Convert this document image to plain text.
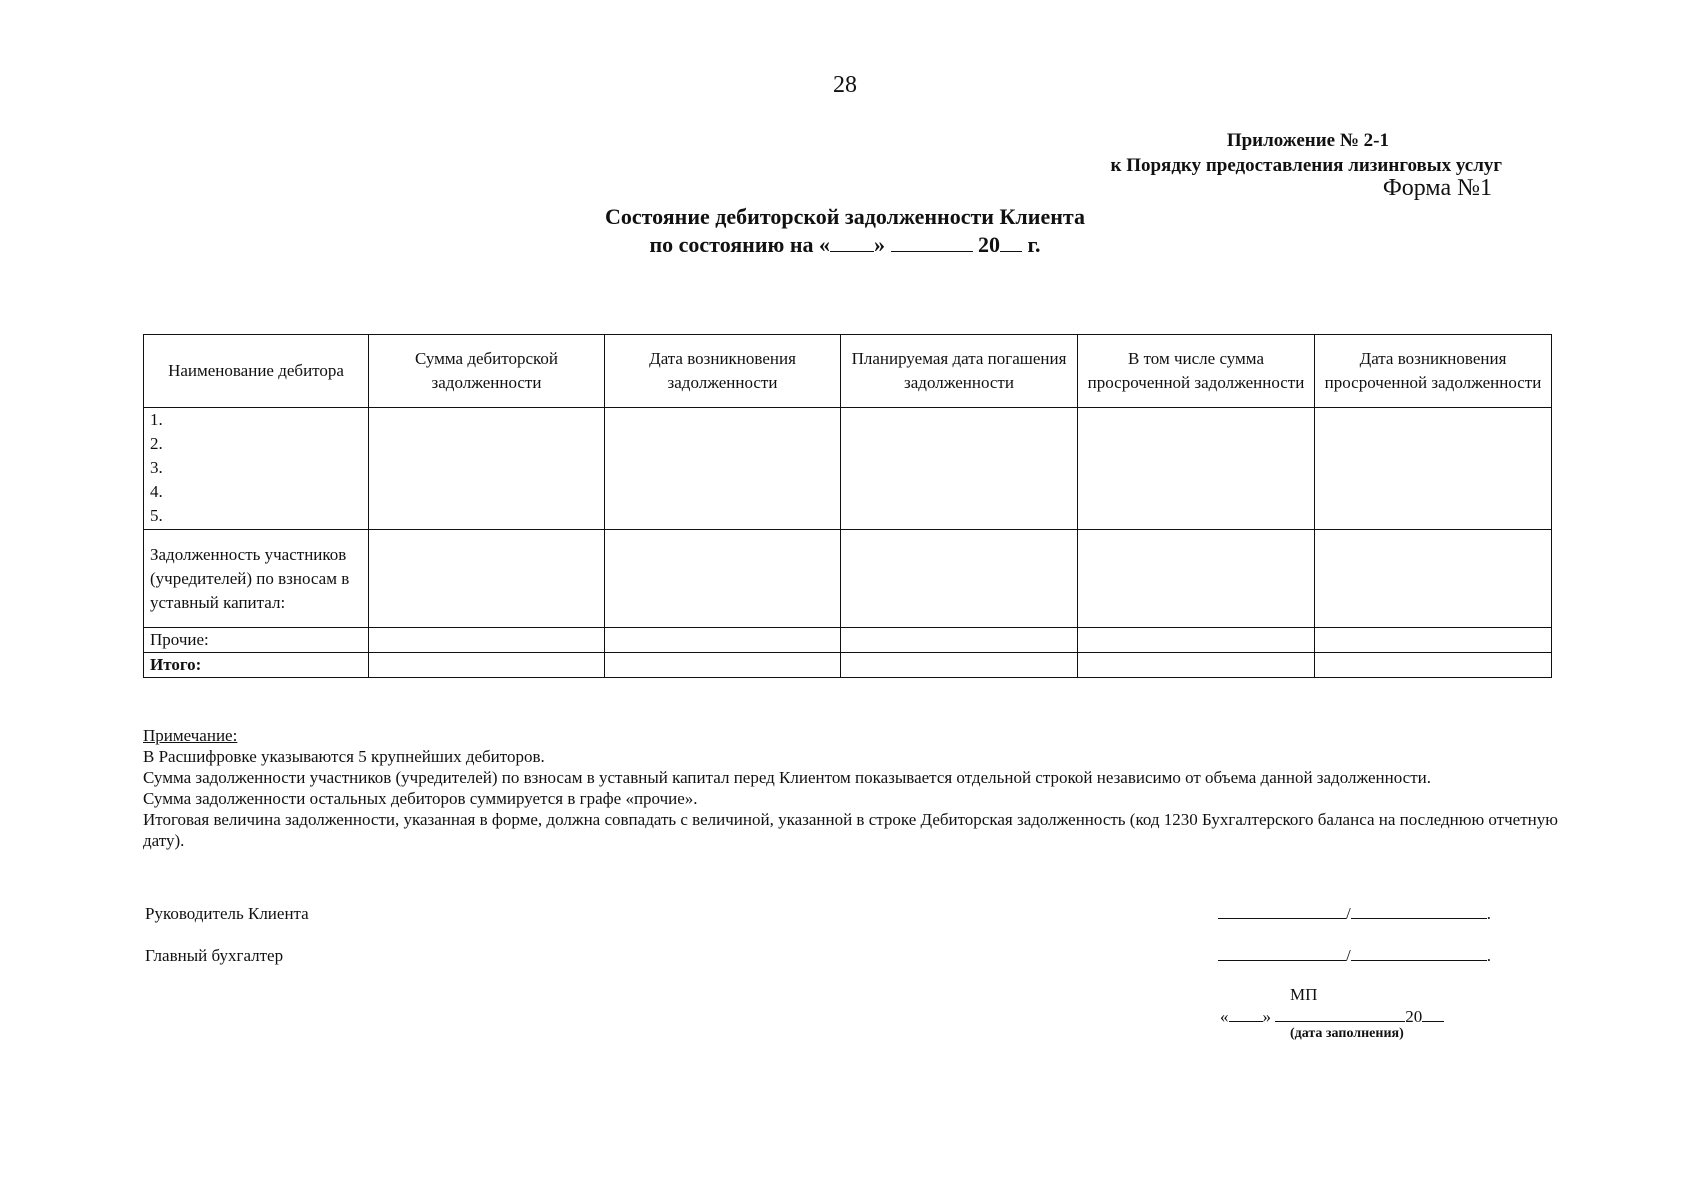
28
Приложение № 2-1
к Порядку предоставления лизинговых услуг
Форма №1
Состояние дебиторской задолженности Клиента
по состоянию на « »	20 г.
Наименование дебитора	Сумма дебиторской задолженности	Дата возникновения задолженности	Планируемая дата погашения задолженности	В том числе сумма просроченной задолженности	Дата возникновения просроченной задолженности

1.
2.
3.
4.
5.					

Задолженность участников (учредителей) по взносам в уставный капитал:					
Прочие:					
Итого:					
Примечание:
В Расшифровке указываются 5 крупнейших дебиторов.
Сумма задолженности участников (учредителей) по взносам в уставный капитал перед Клиентом показывается отдельной строкой независимо от объема данной задолженности.
Сумма задолженности остальных дебиторов суммируется в графе «прочие».
Итоговая величина задолженности, указанная в форме, должна совпадать с величиной, указанной в строке Дебиторская задолженность (код 1230 Бухгалтерского баланса на последнюю отчетную дату).
Руководитель Клиента	/	.
Главный бухгалтер	/	.
МП
« »	20
(дата заполнения)
